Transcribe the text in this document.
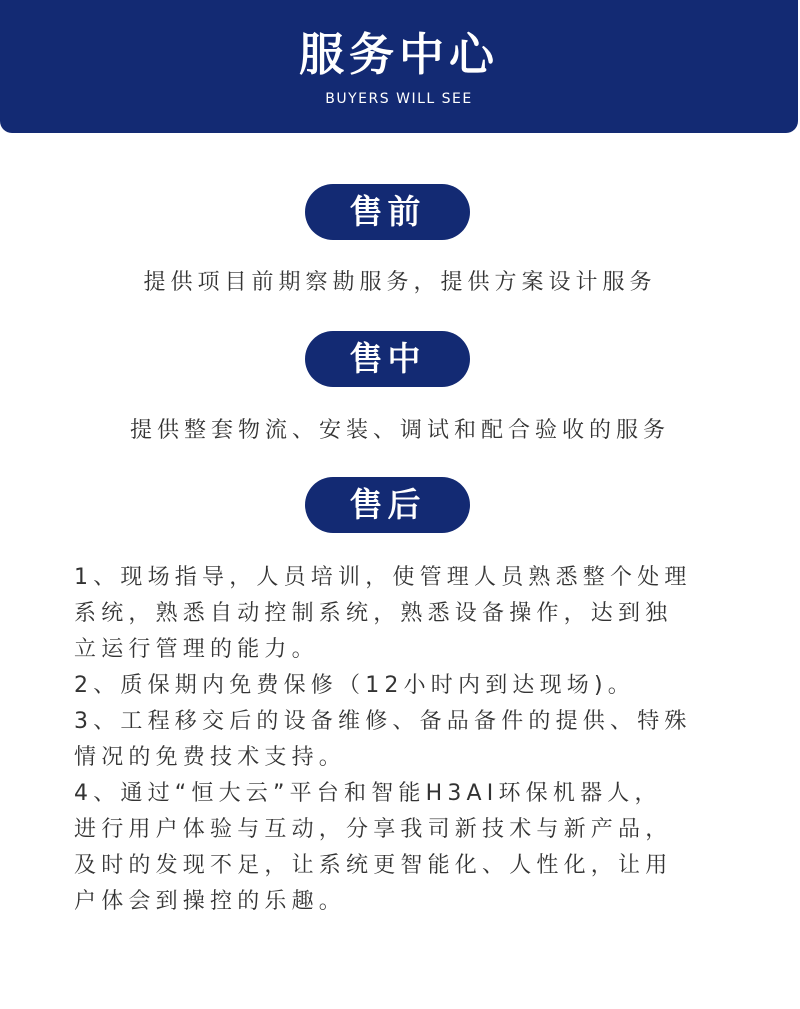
服务中心
BUYERS WILL SEE
售前
提供项目前期察勘服务，提供方案设计服务
售中
提供整套物流、安装、调试和配合验收的服务
售后
1、现场指导，人员培训，使管理人员熟悉整个处理
系统，熟悉自动控制系统，熟悉设备操作，达到独
立运行管理的能力。
2、质保期内免费保修（12小时内到达现场)。
3、工程移交后的设备维修、备品备件的提供、特殊
情况的免费技术支持。
4、通过“恒大云”平台和智能H3AI环保机器人，
进行用户体验与互动，分享我司新技术与新产品，
及时的发现不足，让系统更智能化、人性化，让用
户体会到操控的乐趣。
